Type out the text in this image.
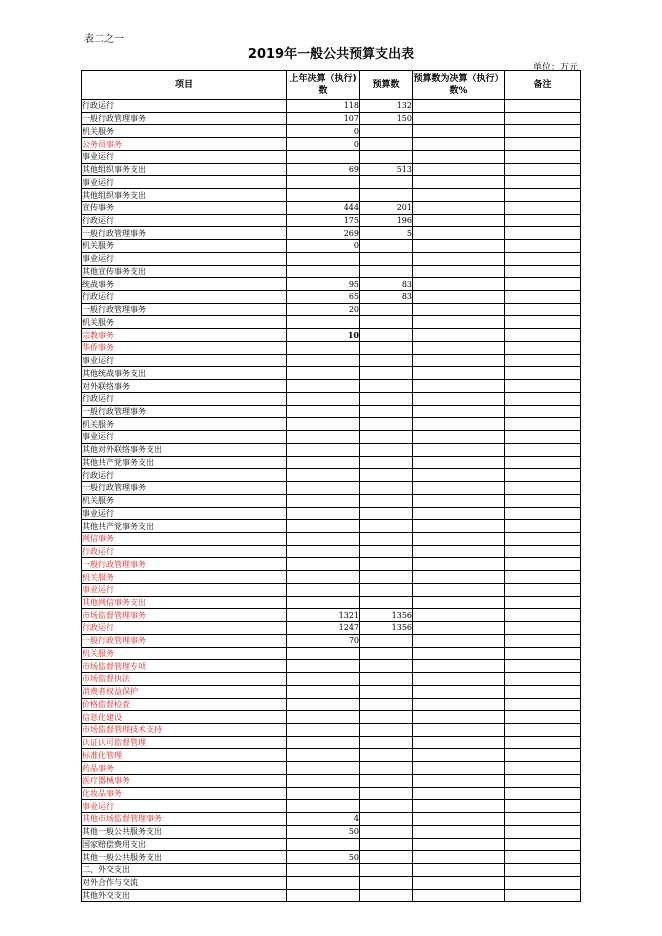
表二之一
2019年一般公共预算支出表
单位：万元
项目	上年决算（执行)数	预算数	预算数为决算（执行）数%	备注
行政运行	118	132		
一般行政管理事务	107	150		
机关服务	0			
公务员事务	0			
事业运行				
其他组织事务支出	69	513		
事业运行				
其他组织事务支出				
宣传事务	444	201		
行政运行	175	196		
一般行政管理事务	269	5		
机关服务	0			
事业运行				
其他宣传事务支出				
统战事务	95	83		
行政运行	65	83		
一般行政管理事务	20			
机关服务				
宗教事务	10			
华侨事务				
事业运行				
其他统战事务支出				
对外联络事务				
行政运行				
一般行政管理事务				
机关服务				
事业运行				
其他对外联络事务支出				
其他共产党事务支出				
行政运行				
一般行政管理事务				
机关服务				
事业运行				
其他共产党事务支出				
网信事务				
行政运行				
一般行政管理事务				
机关服务				
事业运行				
其他网信事务支出				
市场监督管理事务	1321	1356		
行政运行	1247	1356		
一般行政管理事务	70			
机关服务				
市场监督管理专项				
市场监督执法				
消费者权益保护				
价格监督检查				
信息化建设				
市场监督管理技术支持				
认证认可监督管理				
标准化管理				
药品事务				
医疗器械事务				
化妆品事务				
事业运行				
其他市场监督管理事务	4			
其他一般公共服务支出	50			
国家赔偿费用支出				
其他一般公共服务支出	50			
二、外交支出				
对外合作与交流				
其他外交支出				
